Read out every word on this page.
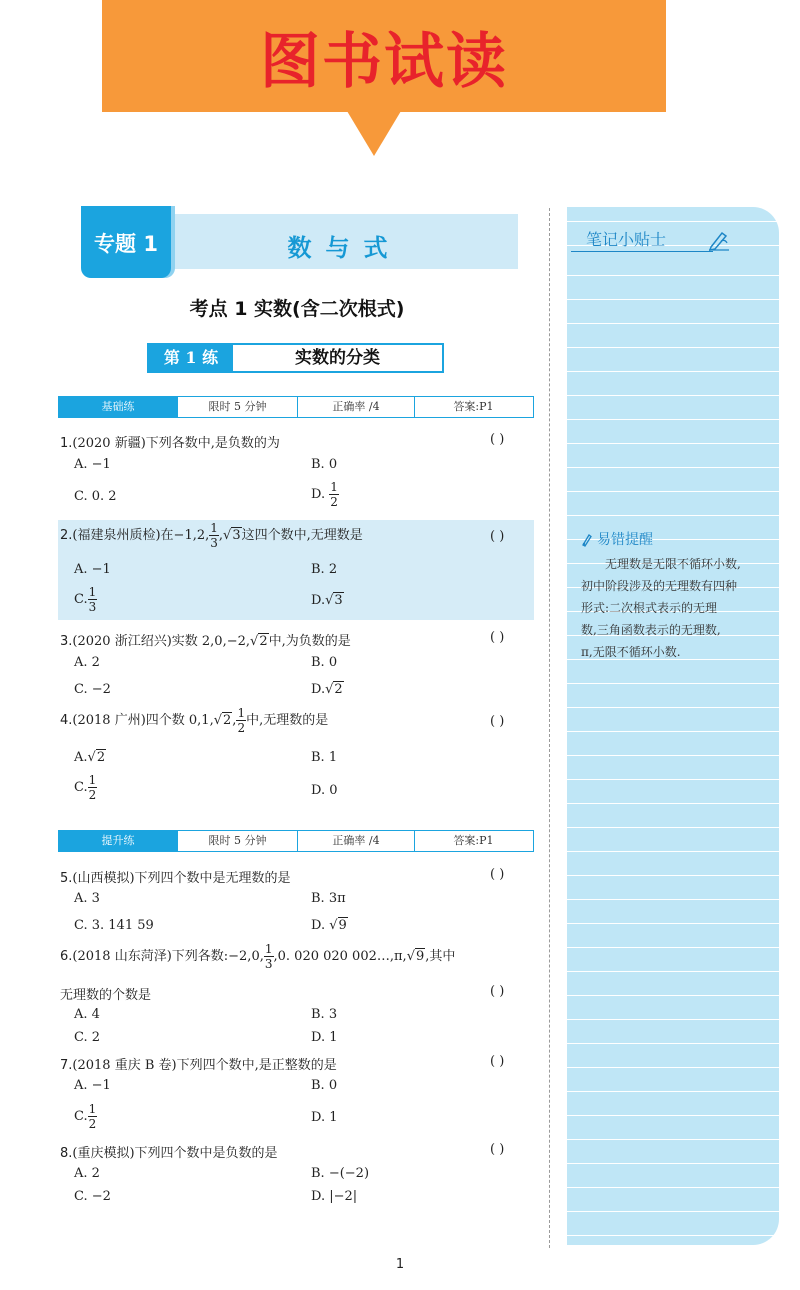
图书试读
专题 1	数与式
考点 1 实数(含二次根式)
第 1 练	实数的分类
基础练	限时 5 分钟	正确率 /4	答案:P1
1.(2020 新疆)下列各数中,是负数的为	( )
A. −1	B. 0
C. 0. 2	D. $\frac{1}{2}$
2.(福建泉州质检)在−1,2, $\frac{1}{3} ,√3$这四个数中,无理数是	( )
A. −1	B. 2
C. $\frac{1}{3}$	D.√3
3.(2020 浙江绍兴)实数 2,0,−2,√2中,为负数的是	( )
A. 2	B. 0
C. −2	D.√2
4.(2018 广州)四个数 0,1,√2, $\frac{1}{2}$ 中,无理数的是	( )
A.√2	B. 1
C. $\frac{1}{2}$	D. 0
提升练	限时 5 分钟	正确率 /4	答案:P1
5.(山西模拟)下列四个数中是无理数的是	( )
A. 3	B. 3π
C. 3. 141 59	D. √9
6.(2018 山东菏泽)下列各数:−2,0, $\frac{1}{3} ,0$. 020 020 002…,π,√9,其中
无理数的个数是	( )
A. 4	B. 3
C. 2	D. 1
7.(2018 重庆 B 卷)下列四个数中,是正整数的是	( )
A. −1	B. 0
C. $\frac{1}{2}$	D. 1
8.(重庆模拟)下列四个数中是负数的是	( )
A. 2	B. −(−2)
C. −2	D. |−2|
笔记小贴士
易错提醒
无理数是无限不循环小数,
初中阶段涉及的无理数有四种
形式:二次根式表示的无理
数,三角函数表示的无理数,
π,无限不循环小数.
1
